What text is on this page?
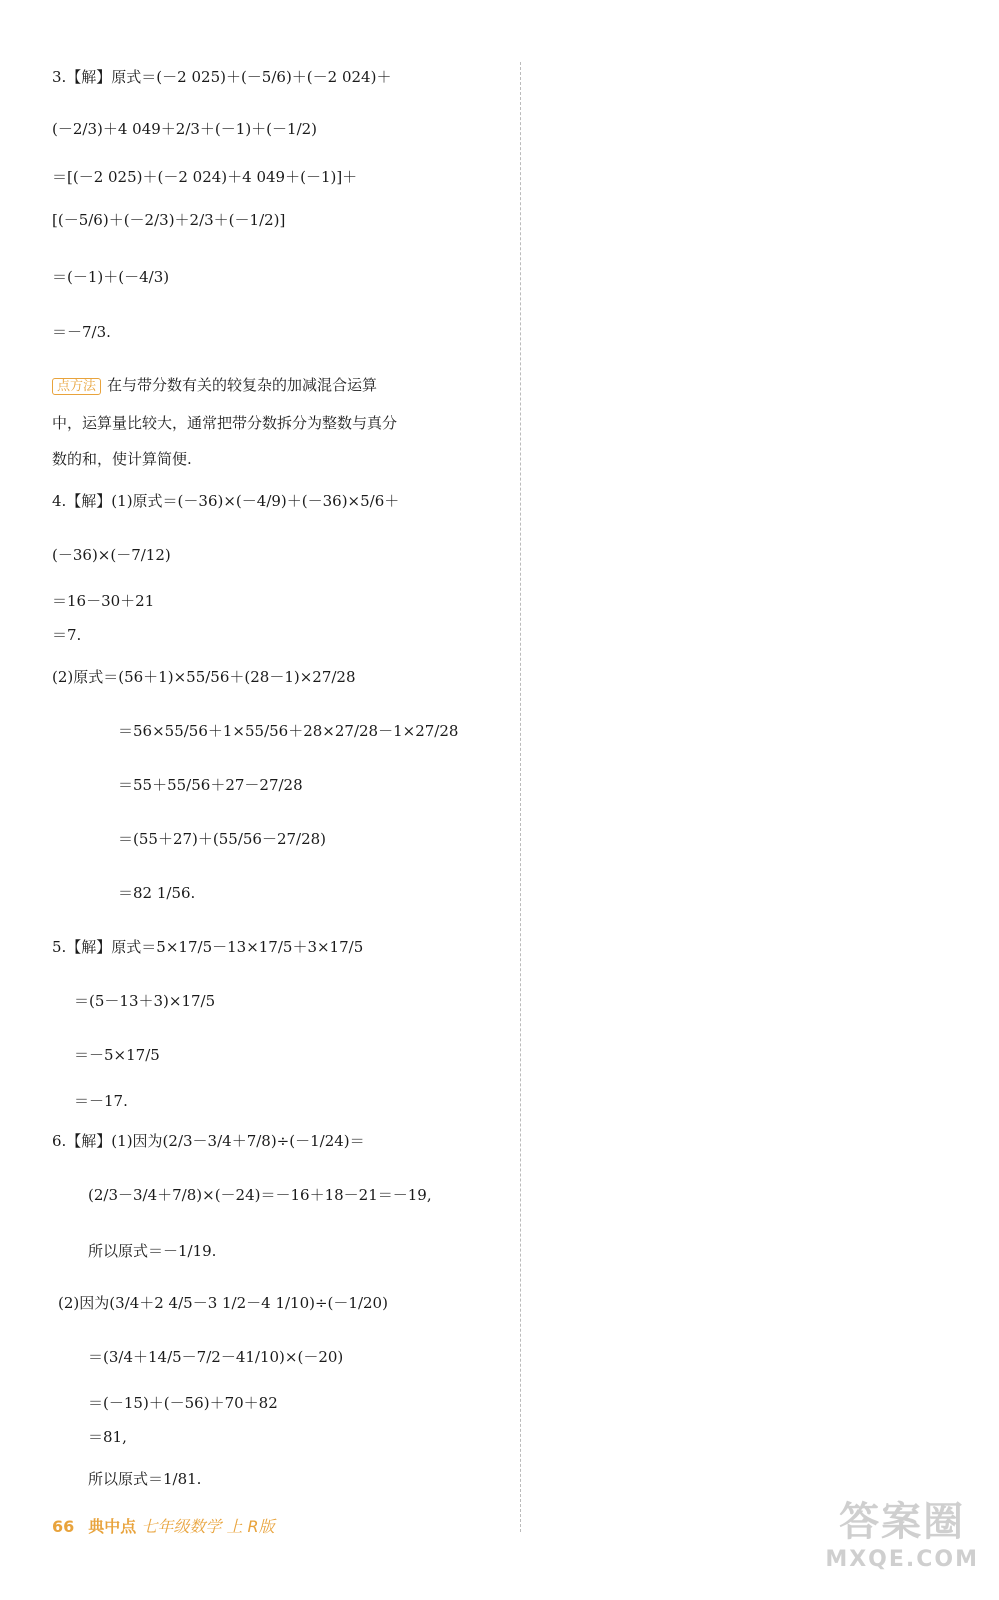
3.【解】原式＝(－2 025)＋(－5/6)＋(－2 024)＋
(－2/3)＋4 049＋2/3＋(－1)＋(－1/2)
＝[(－2 025)＋(－2 024)＋4 049＋(－1)]＋
[(－5/6)＋(－2/3)＋2/3＋(－1/2)]
＝(－1)＋(－4/3)
＝－7/3.
点方法 在与带分数有关的较复杂的加减混合运算
中，运算量比较大，通常把带分数拆分为整数与真分
数的和，使计算简便.
4.【解】(1)原式＝(－36)×(－4/9)＋(－36)×5/6＋
(－36)×(－7/12)
＝16－30＋21
＝7.
(2)原式＝(56＋1)×55/56＋(28－1)×27/28
＝56×55/56＋1×55/56＋28×27/28－1×27/28
＝55＋55/56＋27－27/28
＝(55＋27)＋(55/56－27/28)
＝82 1/56.
5.【解】原式＝5×17/5－13×17/5＋3×17/5
＝(5－13＋3)×17/5
＝－5×17/5
＝－17.
6.【解】(1)因为(2/3－3/4＋7/8)÷(－1/24)＝
(2/3－3/4＋7/8)×(－24)＝－16＋18－21＝－19,
所以原式＝－1/19.
(2)因为(3/4＋2 4/5－3 1/2－4 1/10)÷(－1/20)
＝(3/4＋14/5－7/2－41/10)×(－20)
＝(－15)＋(－56)＋70＋82
＝81,
所以原式＝1/81.
66 典中点 七年级数学 上 R版	答案圈
MXQE.COM
